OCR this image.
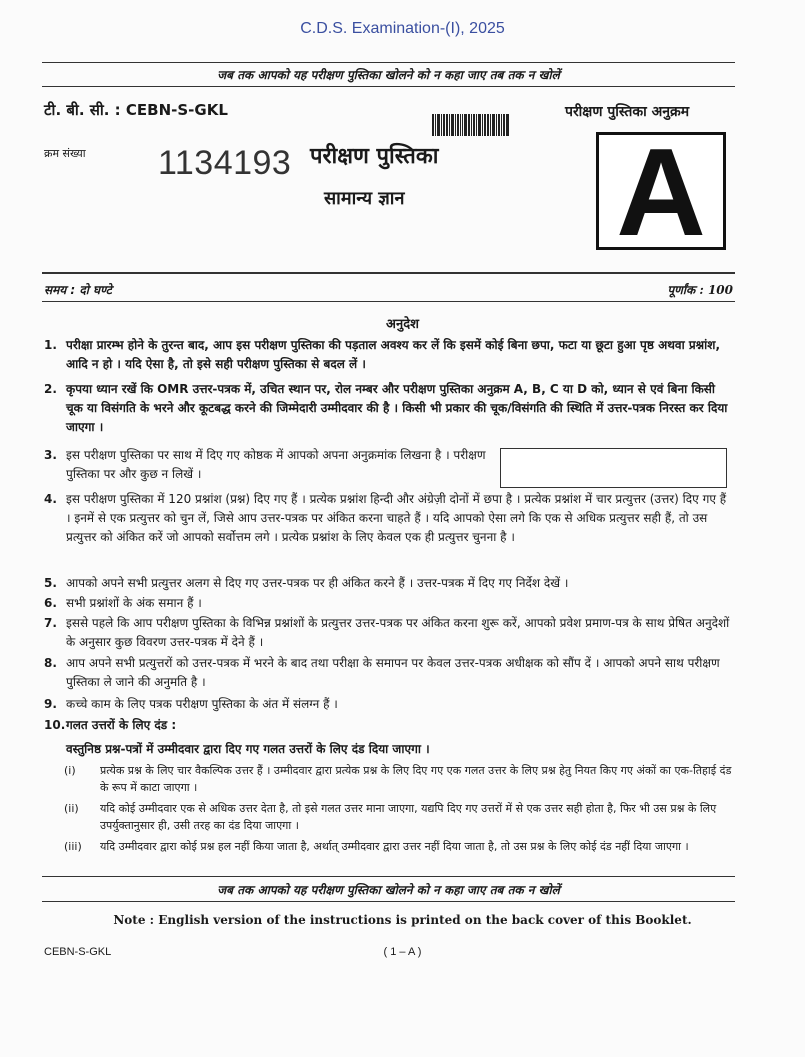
C.D.S. Examination-(I), 2025
जब तक आपको यह परीक्षण पुस्तिका खोलने को न कहा जाए तब तक न खोलें
टी. बी. सी. : CEBN-S-GKL	परीक्षण पुस्तिका अनुक्रम
क्रम संख्या 1134193 परीक्षण पुस्तिका
सामान्य ज्ञान A
समय : दो घण्टे	पूर्णांक : 100
अनुदेश
1. परीक्षा प्रारम्भ होने के तुरन्त बाद, आप इस परीक्षण पुस्तिका की पड़ताल अवश्य कर लें कि इसमें कोई बिना छपा, फटा या छूटा हुआ पृष्ठ अथवा प्रश्नांश, आदि न हो । यदि ऐसा है, तो इसे सही परीक्षण पुस्तिका से बदल लें ।
2. कृपया ध्यान रखें कि OMR उत्तर-पत्रक में, उचित स्थान पर, रोल नम्बर और परीक्षण पुस्तिका अनुक्रम A, B, C या D को, ध्यान से एवं बिना किसी चूक या विसंगति के भरने और कूटबद्ध करने की जिम्मेदारी उम्मीदवार की है । किसी भी प्रकार की चूक/विसंगति की स्थिति में उत्तर-पत्रक निरस्त कर दिया जाएगा ।
3. इस परीक्षण पुस्तिका पर साथ में दिए गए कोष्ठक में आपको अपना अनुक्रमांक लिखना है । परीक्षण पुस्तिका पर और कुछ न लिखें ।
4. इस परीक्षण पुस्तिका में 120 प्रश्नांश (प्रश्न) दिए गए हैं । प्रत्येक प्रश्नांश हिन्दी और अंग्रेज़ी दोनों में छपा है । प्रत्येक प्रश्नांश में चार प्रत्युत्तर (उत्तर) दिए गए हैं । इनमें से एक प्रत्युत्तर को चुन लें, जिसे आप उत्तर-पत्रक पर अंकित करना चाहते हैं । यदि आपको ऐसा लगे कि एक से अधिक प्रत्युत्तर सही हैं, तो उस प्रत्युत्तर को अंकित करें जो आपको सर्वोत्तम लगे । प्रत्येक प्रश्नांश के लिए केवल एक ही प्रत्युत्तर चुनना है ।
5. आपको अपने सभी प्रत्युत्तर अलग से दिए गए उत्तर-पत्रक पर ही अंकित करने हैं । उत्तर-पत्रक में दिए गए निर्देश देखें ।
6. सभी प्रश्नांशों के अंक समान हैं ।
7. इससे पहले कि आप परीक्षण पुस्तिका के विभिन्न प्रश्नांशों के प्रत्युत्तर उत्तर-पत्रक पर अंकित करना शुरू करें, आपको प्रवेश प्रमाण-पत्र के साथ प्रेषित अनुदेशों के अनुसार कुछ विवरण उत्तर-पत्रक में देने हैं ।
8. आप अपने सभी प्रत्युत्तरों को उत्तर-पत्रक में भरने के बाद तथा परीक्षा के समापन पर केवल उत्तर-पत्रक अधीक्षक को सौंप दें । आपको अपने साथ परीक्षण पुस्तिका ले जाने की अनुमति है ।
9. कच्चे काम के लिए पत्रक परीक्षण पुस्तिका के अंत में संलग्न हैं ।
10. गलत उत्तरों के लिए दंड :
वस्तुनिष्ठ प्रश्न-पत्रों में उम्मीदवार द्वारा दिए गए गलत उत्तरों के लिए दंड दिया जाएगा ।
(i) प्रत्येक प्रश्न के लिए चार वैकल्पिक उत्तर हैं । उम्मीदवार द्वारा प्रत्येक प्रश्न के लिए दिए गए एक गलत उत्तर के लिए प्रश्न हेतु नियत किए गए अंकों का एक-तिहाई दंड के रूप में काटा जाएगा ।
(ii) यदि कोई उम्मीदवार एक से अधिक उत्तर देता है, तो इसे गलत उत्तर माना जाएगा, यद्यपि दिए गए उत्तरों में से एक उत्तर सही होता है, फिर भी उस प्रश्न के लिए उपर्युक्तानुसार ही, उसी तरह का दंड दिया जाएगा ।
(iii) यदि उम्मीदवार द्वारा कोई प्रश्न हल नहीं किया जाता है, अर्थात् उम्मीदवार द्वारा उत्तर नहीं दिया जाता है, तो उस प्रश्न के लिए कोई दंड नहीं दिया जाएगा ।
जब तक आपको यह परीक्षण पुस्तिका खोलने को न कहा जाए तब तक न खोलें
Note : English version of the instructions is printed on the back cover of this Booklet.
CEBN-S-GKL	( 1 – A )
